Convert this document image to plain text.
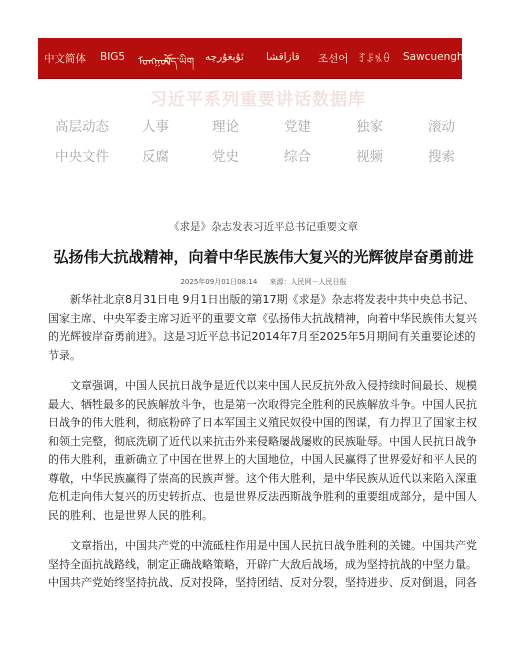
中文简体 BIG5 ᠮᠣᠩᠭᠣᠯ
བོད་ཡིག ئۇيغۇرچە قازاقشا 조선어 ꆈꌠꁱꂷ Sawcuengh
习近平系列重要讲话数据库
高层动态 人事	理论	党建	独家	滚动
中央文件 反腐	党史	综合	视频	搜索
《求是》杂志发表习近平总书记重要文章
弘扬伟大抗战精神，向着中华民族伟大复兴的光辉彼岸奋勇前进
2025年09月01日08:14 来源：人民网－人民日报

新华社北京8月31日电 9月1日出版的第17期《求是》杂志将发表中共中央总书记、国家主席、中央军委主席习近平的重要文章《弘扬伟大抗战精神，向着中华民族伟大复兴的光辉彼岸奋勇前进》。这是习近平总书记2014年7月至2025年5月期间有关重要论述的节录。

文章强调，中国人民抗日战争是近代以来中国人民反抗外敌入侵持续时间最长、规模最大、牺牲最多的民族解放斗争，也是第一次取得完全胜利的民族解放斗争。中国人民抗日战争的伟大胜利，彻底粉碎了日本军国主义殖民奴役中国的图谋，有力捍卫了国家主权和领土完整，彻底洗刷了近代以来抗击外来侵略屡战屡败的民族耻辱。中国人民抗日战争的伟大胜利，重新确立了中国在世界上的大国地位，中国人民赢得了世界爱好和平人民的尊敬，中华民族赢得了崇高的民族声誉。这个伟大胜利，是中华民族从近代以来陷入深重危机走向伟大复兴的历史转折点、也是世界反法西斯战争胜利的重要组成部分，是中国人民的胜利、也是世界人民的胜利。

文章指出，中国共产党的中流砥柱作用是中国人民抗日战争胜利的关键。中国共产党坚持全面抗战路线，制定正确战略策略，开辟广大敌后战场，成为坚持抗战的中坚力量。中国共产党始终坚持抗战、反对投降，坚持团结、反对分裂，坚持进步、反对倒退，同各
